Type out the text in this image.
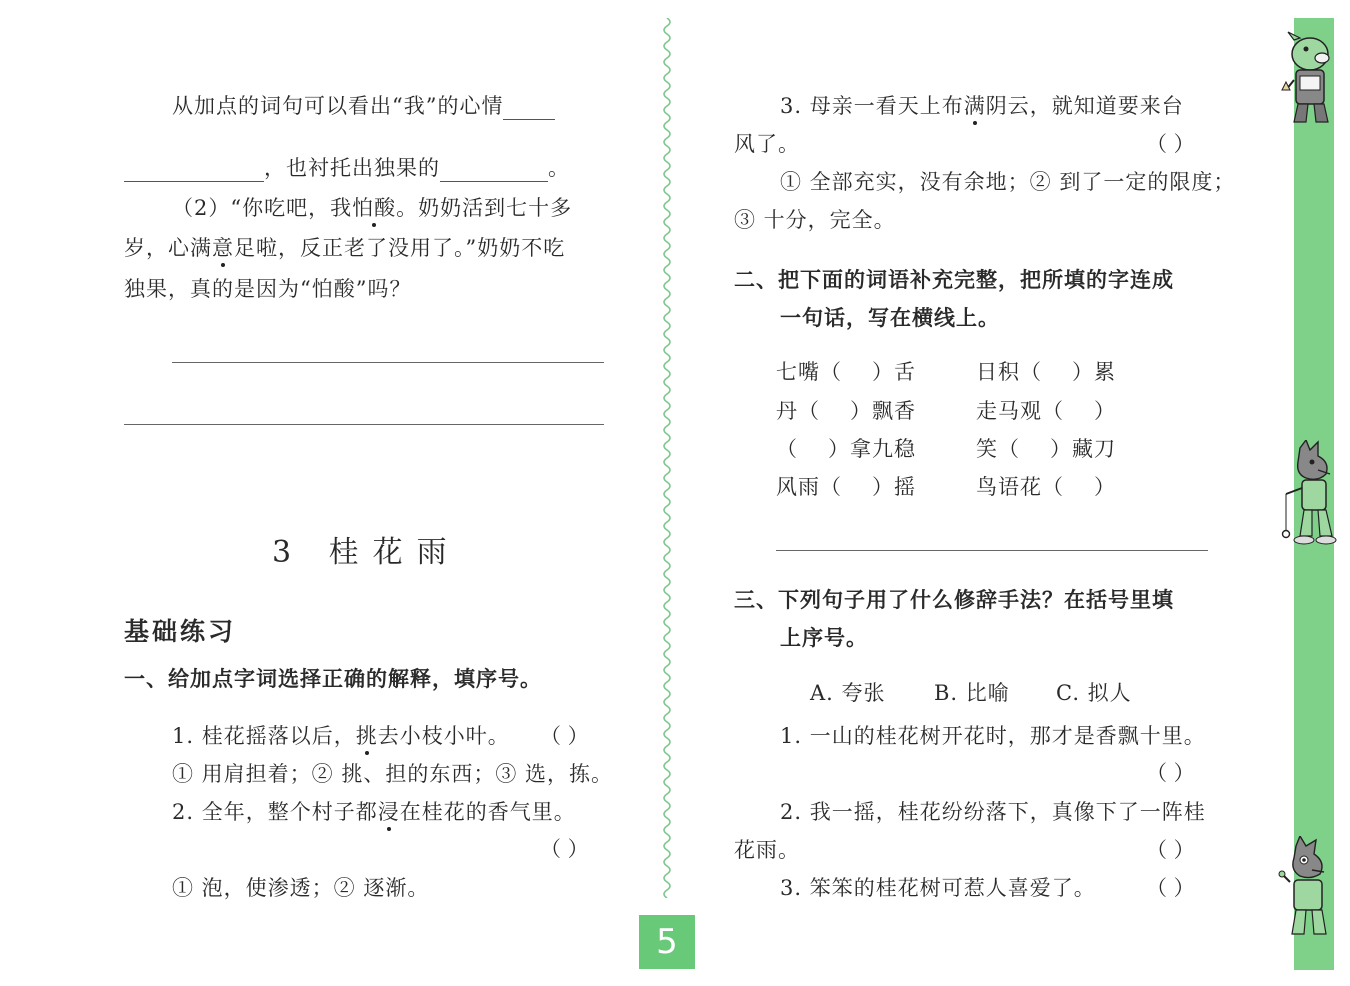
从加点的词句可以看出“我”的心情
，也衬托出独果的	。
（2）“你吃吧，我怕酸。奶奶活到七十多
岁，心满意足啦，反正老了没用了。”奶奶不吃
独果，真的是因为“怕酸”吗？
3 桂花雨
基础练习
一、给加点字词选择正确的解释，填序号。
1. 桂花摇落以后，挑去小枝小叶。 （ ）
① 用肩担着；② 挑、担的东西；③ 选，拣。
2. 全年，整个村子都浸在桂花的香气里。
（ ）
① 泡，使渗透；② 逐渐。
3. 母亲一看天上布满阴云，就知道要来台
风了。	（ ）
① 全部充实，没有余地；② 到了一定的限度；
③ 十分，完全。
二、把下面的词语补充完整，把所填的字连成
一句话，写在横线上。
七嘴（ ）舌	日积（ ）累
丹（ ）飘香	走马观（ ）
（ ）拿九稳	笑（ ）藏刀
风雨（ ）摇	鸟语花（ ）
三、下列句子用了什么修辞手法？在括号里填
上序号。
A. 夸张 B. 比喻 C. 拟人
1. 一山的桂花树开花时，那才是香飘十里。
（ ）
2. 我一摇，桂花纷纷落下，真像下了一阵桂
花雨。	（ ）
3. 笨笨的桂花树可惹人喜爱了。 （ ）
5
